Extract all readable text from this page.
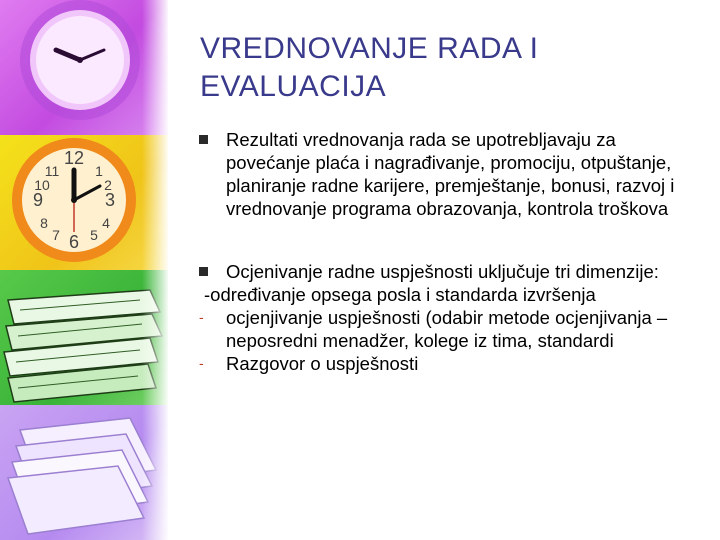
12
3
6
9
1
2
4
5
7
8
10
11
VREDNOVANJE RADA I EVALUACIJA
Rezultati vrednovanja rada se upotrebljavaju za povećanje plaća i nagrađivanje, promociju, otpuštanje, planiranje radne karijere, premještanje, bonusi, razvoj i vrednovanje programa obrazovanja, kontrola troškova
Ocjenivanje radne uspješnosti uključuje tri dimenzije:

-određivanje opsega posla i standarda izvršenja

- ocjenjivanje uspješnosti (odabir metode ocjenjivanja –neposredni menadžer, kolege iz tima, standardi
- Razgovor o uspješnosti
